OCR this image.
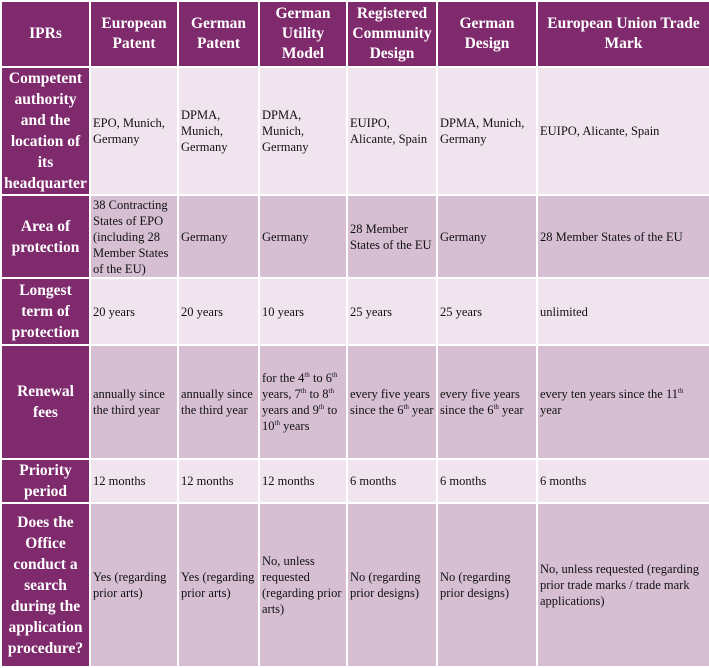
IPRs	European Patent	German Patent	German Utility Model	Registered Community Design	German Design	European Union Trade Mark	
Competent authority and the location of its headquarter	EPO, Munich, Germany	DPMA, Munich, Germany	DPMA, Munich, Germany	EUIPO, Alicante, Spain	DPMA, Munich, Germany	EUIPO, Alicante, Spain	
Area of protection	38 Contracting States of EPO (including 28 Member States of the EU)	Germany	Germany	28 Member States of the EU	Germany	28 Member States of the EU	
Longest term of protection	20 years	20 years	10 years	25 years	25 years	unlimited	
Renewal fees	annually since the third year	annually since the third year	for the 4th to 6th years, 7th to 8th years and 9th to 10th years	every five years since the 6th year	every five years since the 6th year	every ten years since the 11th year	
Priority period	12 months	12 months	12 months	6 months	6 months	6 months	
Does the Office conduct a search during the application procedure?	Yes (regarding prior arts)	Yes (regarding prior arts)	No, unless requested (regarding prior arts)	No (regarding prior designs)	No (regarding prior designs)	No, unless requested (regarding prior trade marks / trade mark applications)	
